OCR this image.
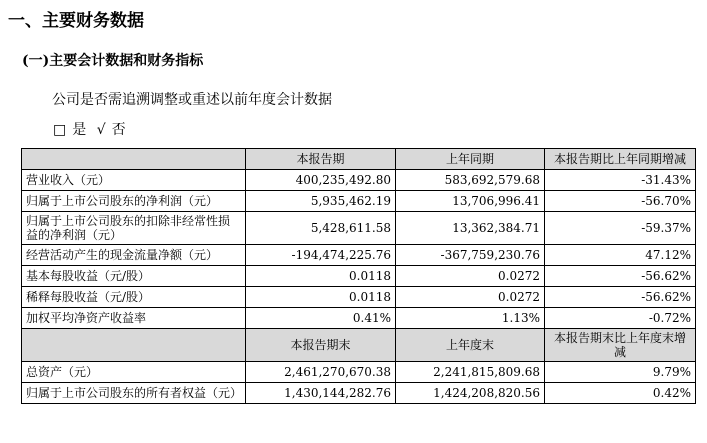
一、主要财务数据
(一)主要会计数据和财务指标
公司是否需追溯调整或重述以前年度会计数据
□ 是 √ 否
	本报告期	上年同期	本报告期比上年同期增减
营业收入（元）	400,235,492.80	583,692,579.68	-31.43%
归属于上市公司股东的净利润（元）	5,935,462.19	13,706,996.41	-56.70%
归属于上市公司股东的扣除非经常性损益的净利润（元）	5,428,611.58	13,362,384.71	-59.37%
经营活动产生的现金流量净额（元）	-194,474,225.76	-367,759,230.76	47.12%
基本每股收益（元/股）	0.0118	0.0272	-56.62%
稀释每股收益（元/股）	0.0118	0.0272	-56.62%
加权平均净资产收益率	0.41%	1.13%	-0.72%
	本报告期末	上年度末	本报告期末比上年度末增减
总资产（元）	2,461,270,670.38	2,241,815,809.68	9.79%
归属于上市公司股东的所有者权益（元）	1,430,144,282.76	1,424,208,820.56	0.42%
